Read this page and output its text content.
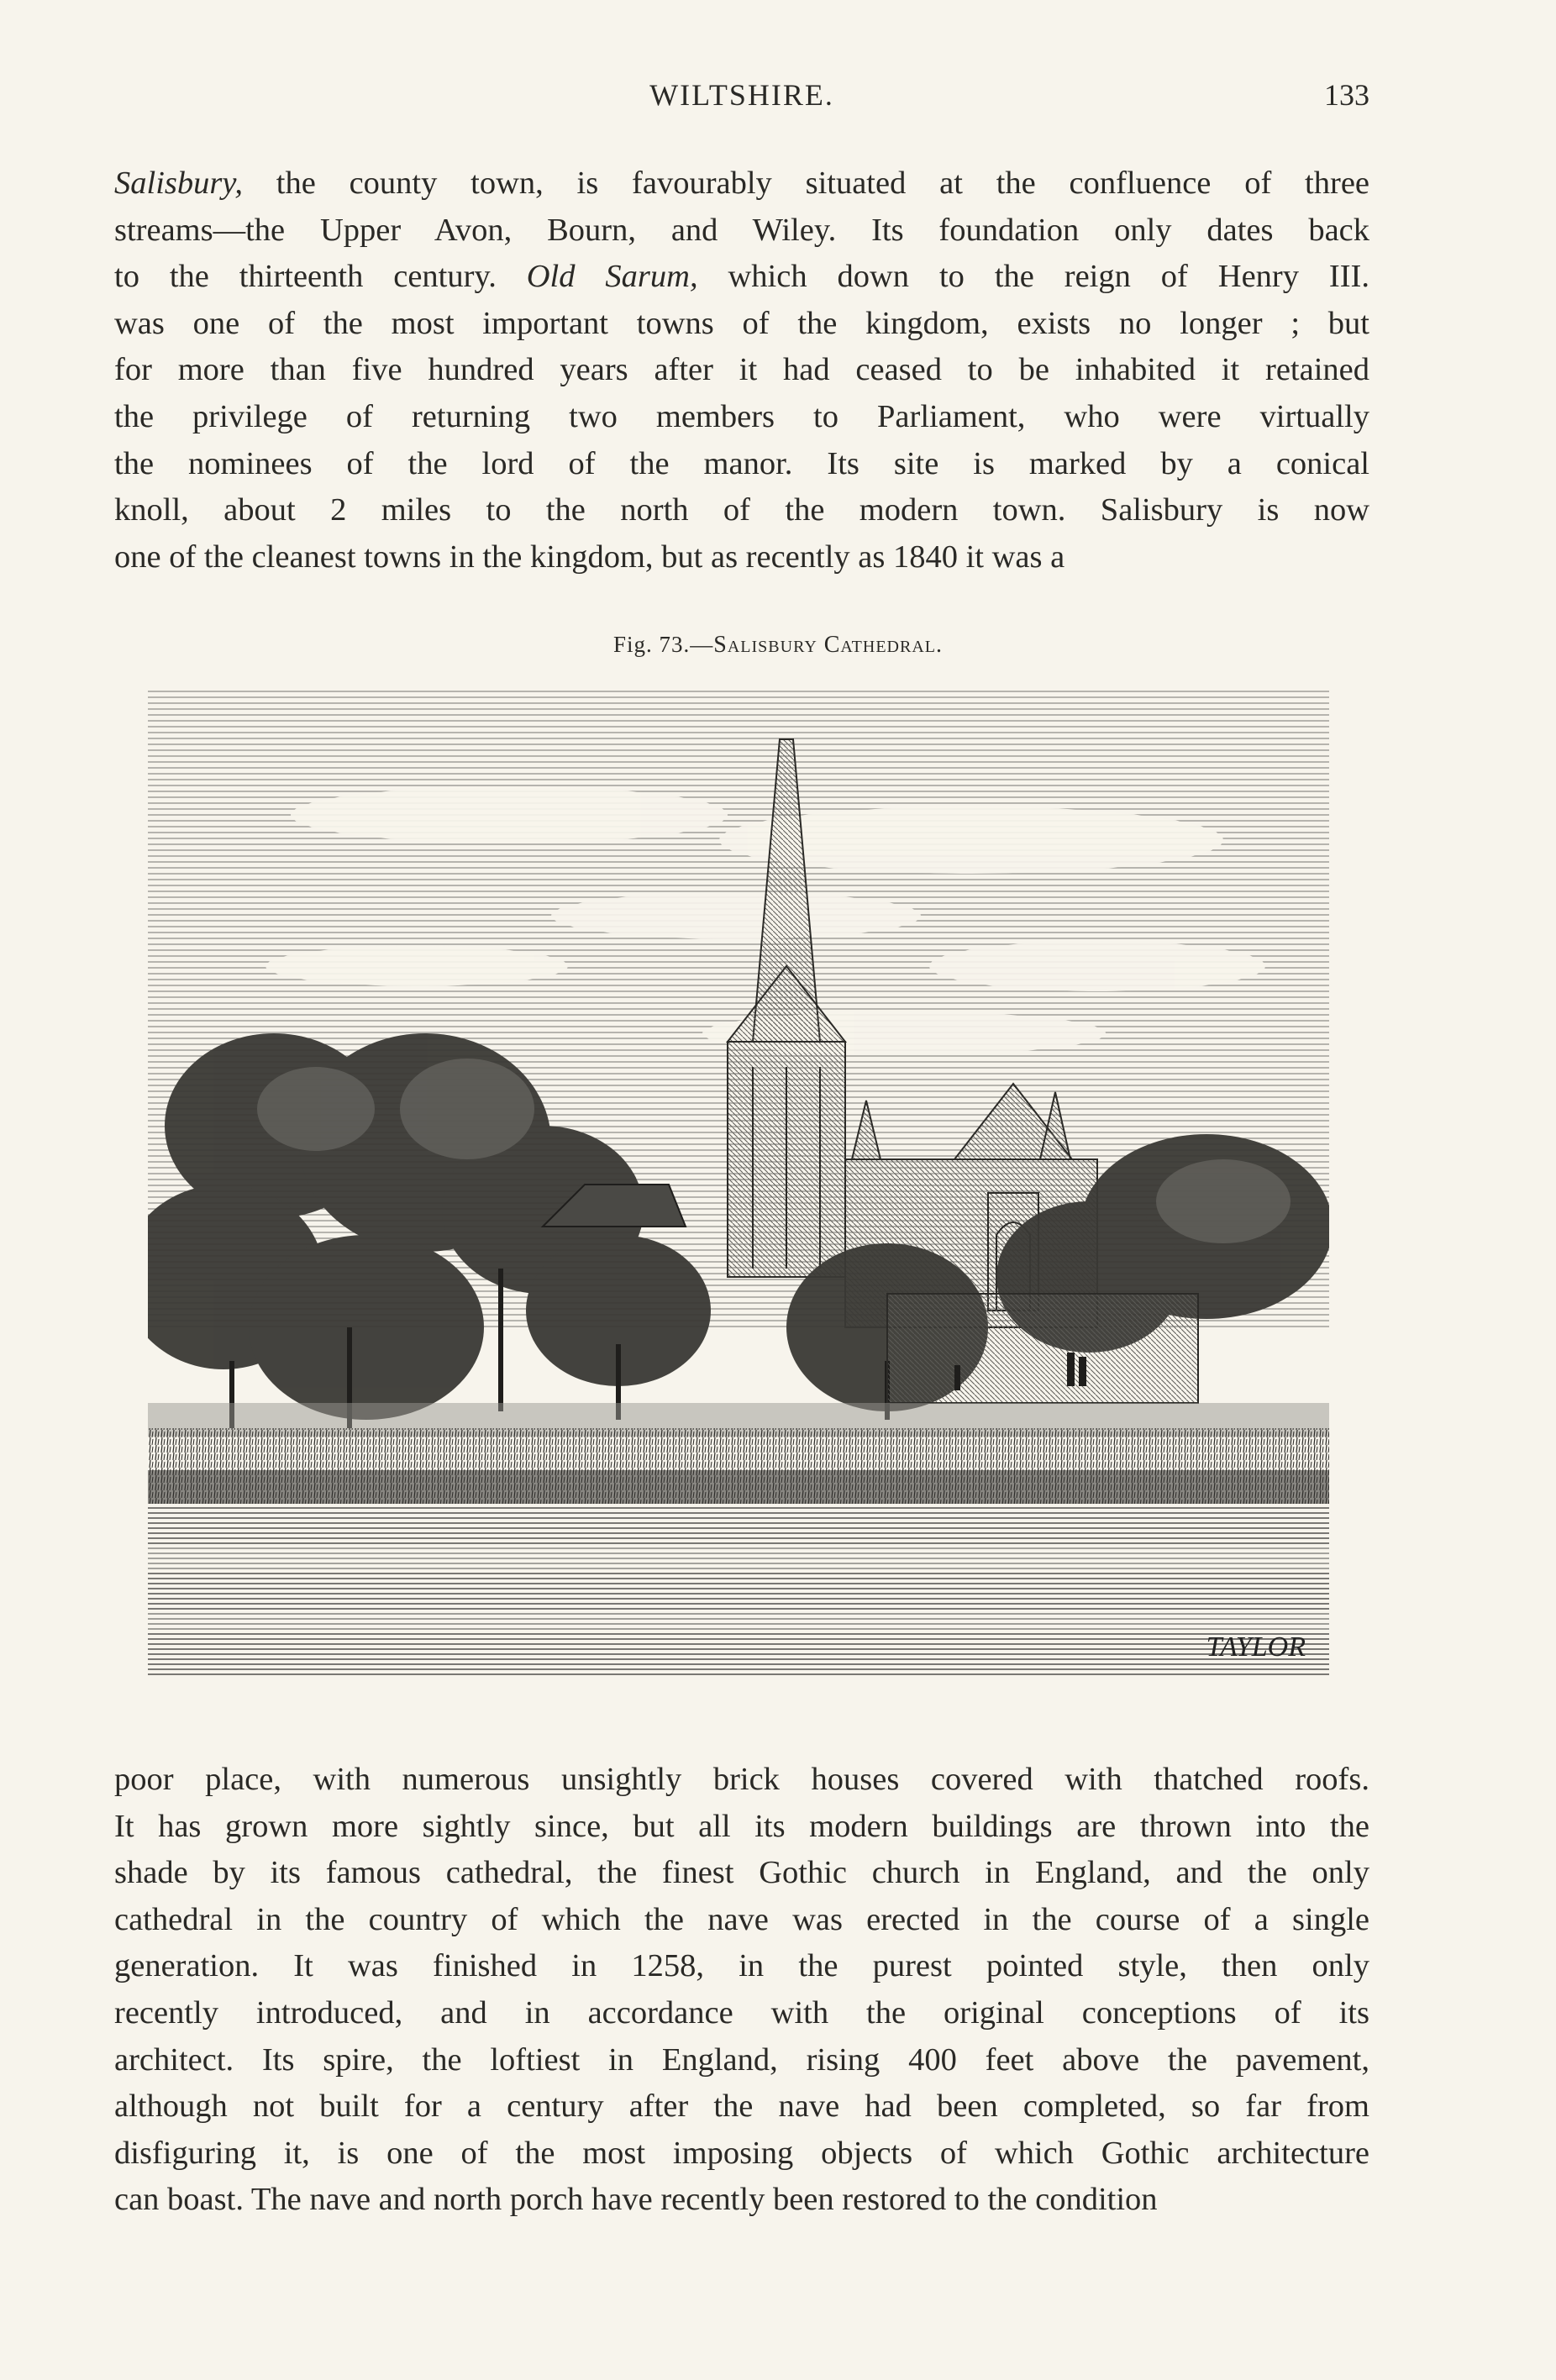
WILTSHIRE.	133
Salisbury, the county town, is favourably situated at the confluence of three
streams—the Upper Avon, Bourn, and Wiley. Its foundation only dates back
to the thirteenth century. Old Sarum, which down to the reign of Henry III.
was one of the most important towns of the kingdom, exists no longer ; but
for more than five hundred years after it had ceased to be inhabited it retained
the privilege of returning two members to Parliament, who were virtually
the nominees of the lord of the manor. Its site is marked by a conical
knoll, about 2 miles to the north of the modern town. Salisbury is now
one of the cleanest towns in the kingdom, but as recently as 1840 it was a
Fig. 73.—Salisbury Cathedral.
TAYLOR
poor place, with numerous unsightly brick houses covered with thatched roofs.
It has grown more sightly since, but all its modern buildings are thrown into the
shade by its famous cathedral, the finest Gothic church in England, and the only
cathedral in the country of which the nave was erected in the course of a single
generation. It was finished in 1258, in the purest pointed style, then only
recently introduced, and in accordance with the original conceptions of its
architect. Its spire, the loftiest in England, rising 400 feet above the pavement,
although not built for a century after the nave had been completed, so far from
disfiguring it, is one of the most imposing objects of which Gothic architecture
can boast. The nave and north porch have recently been restored to the condition
